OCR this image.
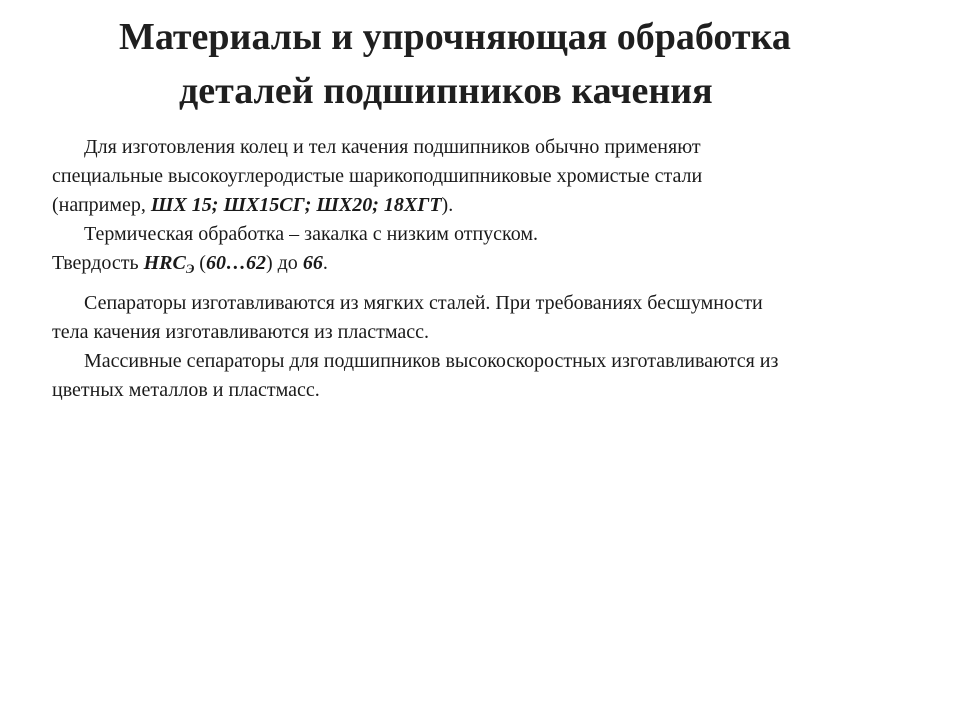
Материалы и упрочняющая обработка
деталей подшипников качения

Для изготовления колец и тел качения подшипников обычно применяют

специальные высокоуглеродистые шарикоподшипниковые хромистые стали

(например, ШХ 15; ШХ15СГ; ШХ20; 18ХГТ).

Термическая обработка – закалка с низким отпуском.

Твердость $HRC_Э$ (60…62) до 66.

Сепараторы изготавливаются из мягких сталей. При требованиях бесшумности

тела качения изготавливаются из пластмасс.

Массивные сепараторы для подшипников высокоскоростных изготавливаются из

цветных металлов и пластмасс.
